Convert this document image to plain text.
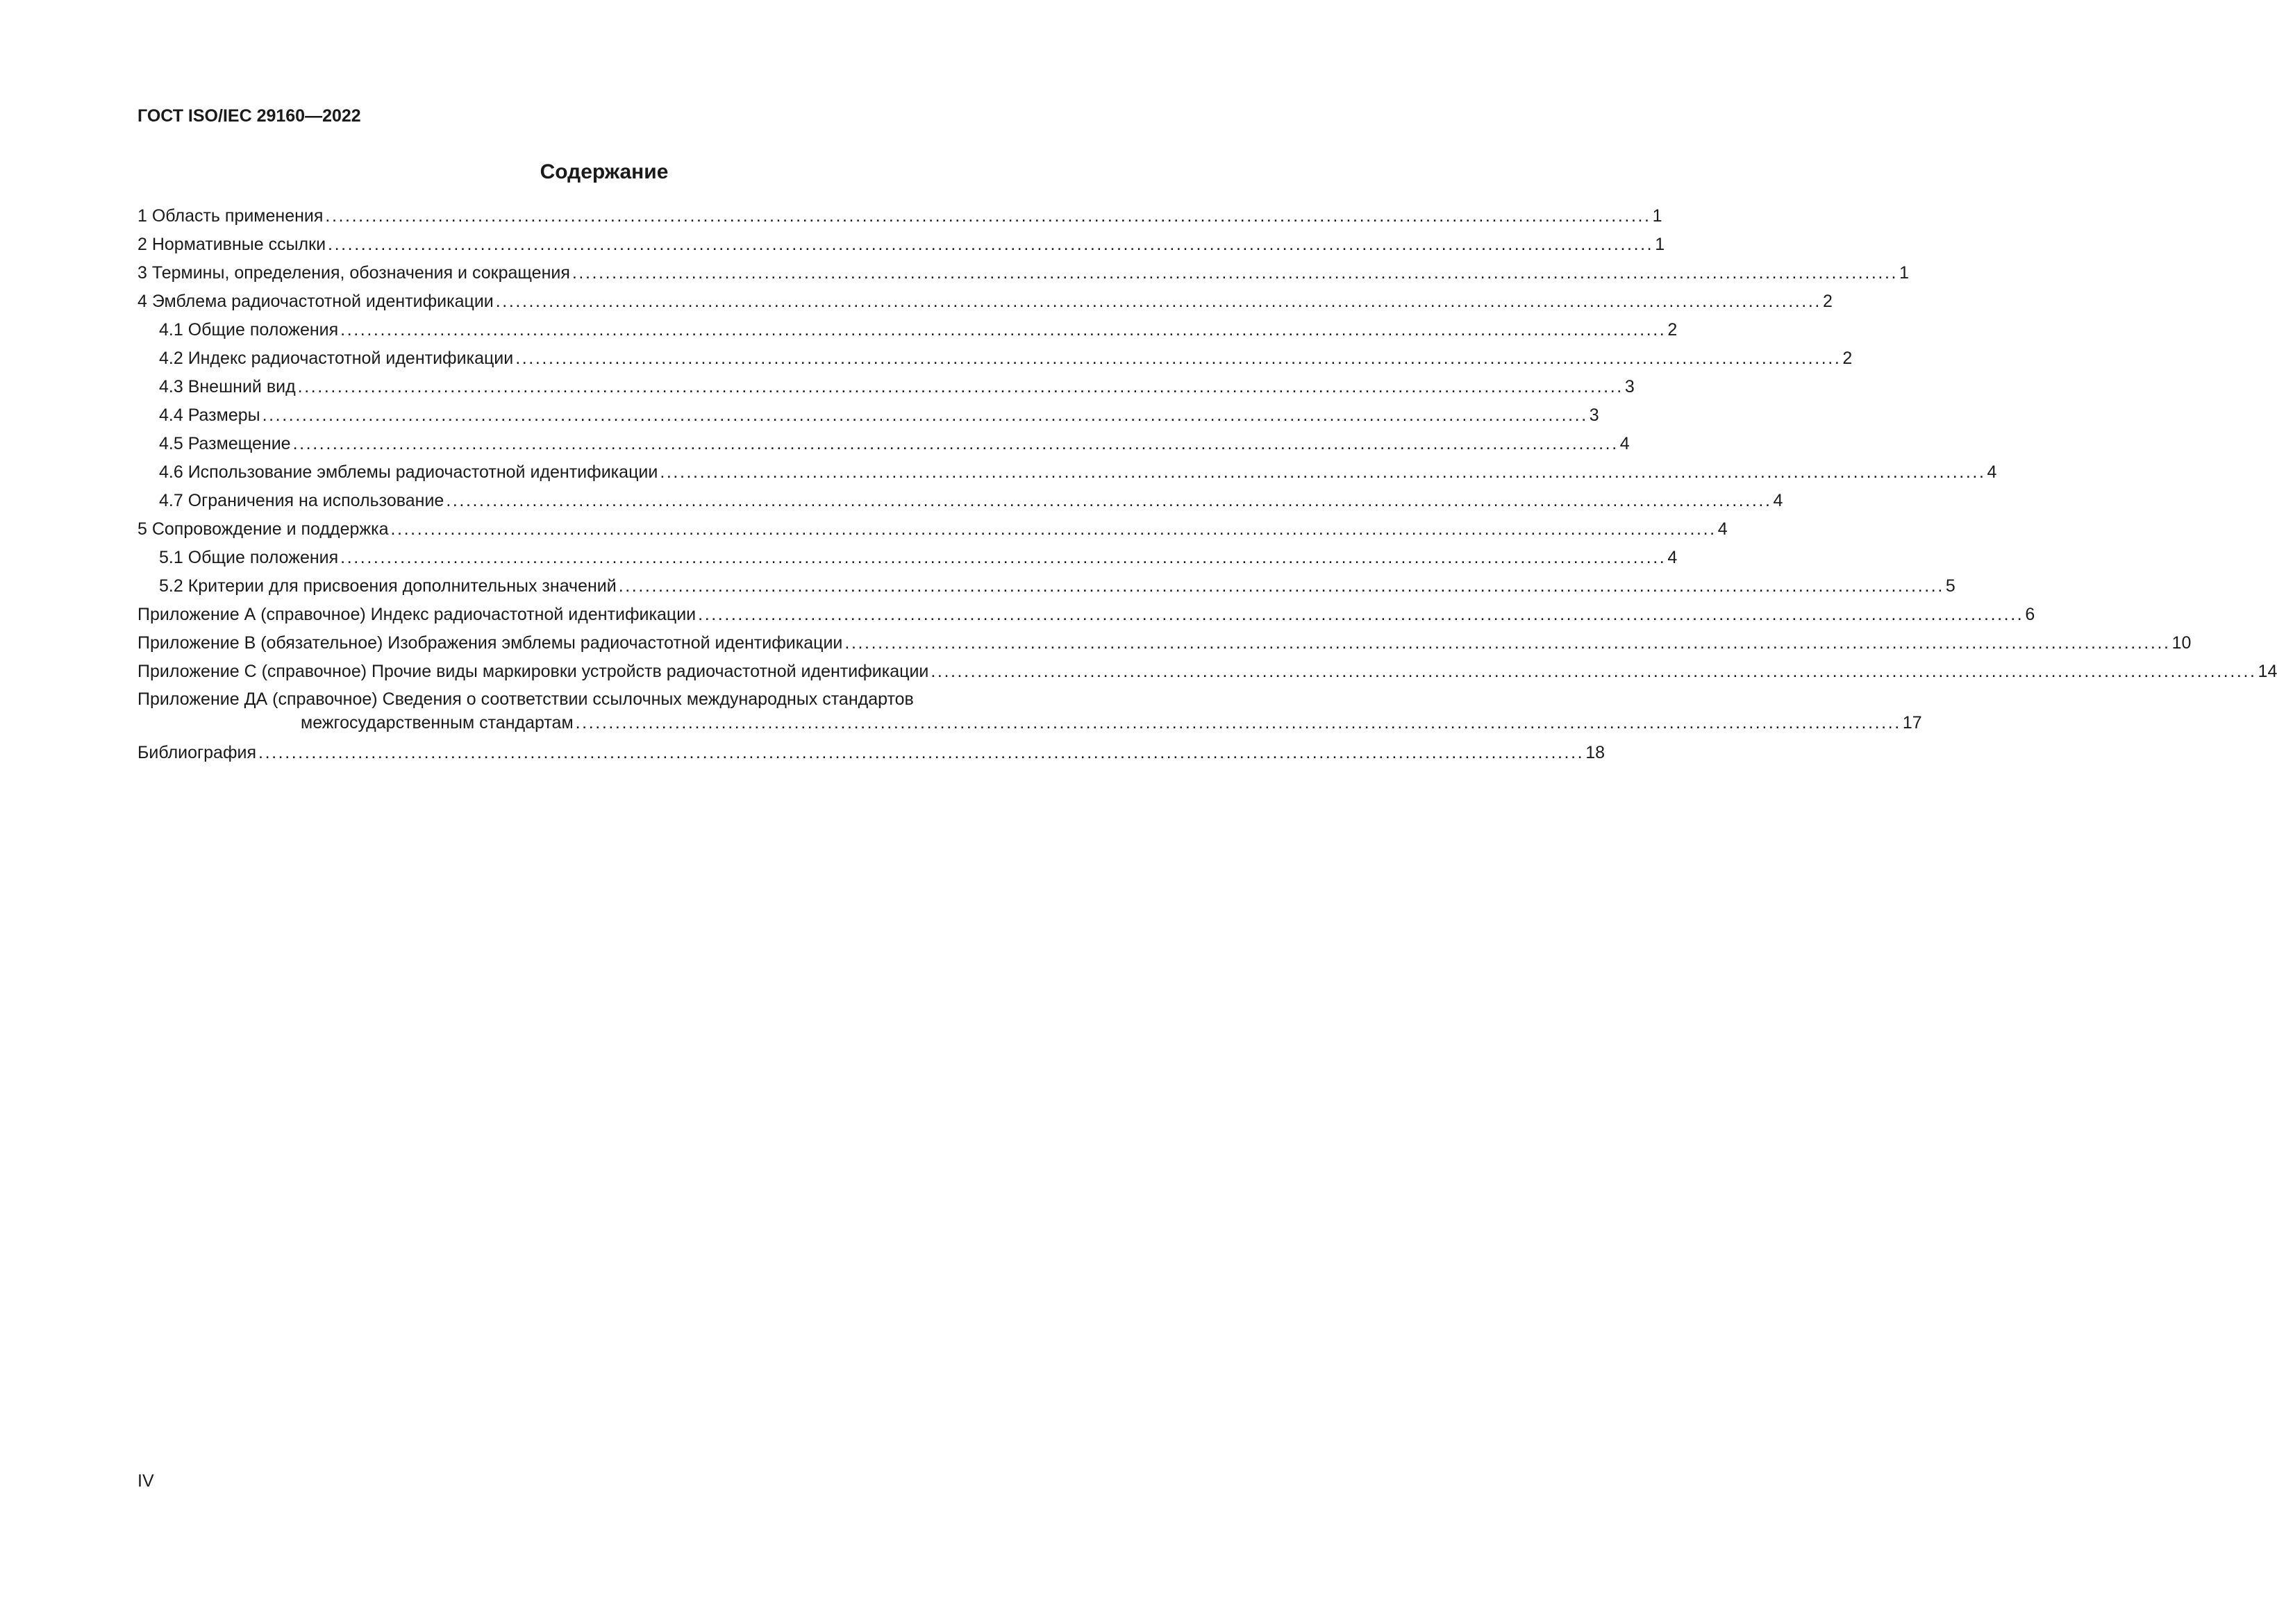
ГОСТ ISO/IEC 29160—2022
Содержание
1 Область применения ........................................................................................................................................................................................................ 1
2 Нормативные ссылки ........................................................................................................................................................................................................ 1
3 Термины, определения, обозначения и сокращения ........................................................................................................................................................................................................ 1
4 Эмблема радиочастотной идентификации ........................................................................................................................................................................................................ 2
4.1 Общие положения ........................................................................................................................................................................................................ 2
4.2 Индекс радиочастотной идентификации ........................................................................................................................................................................................................ 2
4.3 Внешний вид ........................................................................................................................................................................................................ 3
4.4 Размеры ........................................................................................................................................................................................................ 3
4.5 Размещение ........................................................................................................................................................................................................ 4
4.6 Использование эмблемы радиочастотной идентификации ........................................................................................................................................................................................................ 4
4.7 Ограничения на использование ........................................................................................................................................................................................................ 4
5 Сопровождение и поддержка ........................................................................................................................................................................................................ 4
5.1 Общие положения ........................................................................................................................................................................................................ 4
5.2 Критерии для присвоения дополнительных значений ........................................................................................................................................................................................................ 5
Приложение А (справочное) Индекс радиочастотной идентификации ........................................................................................................................................................................................................ 6
Приложение В (обязательное) Изображения эмблемы радиочастотной идентификации ........................................................................................................................................................................................................ 10
Приложение С (справочное) Прочие виды маркировки устройств радиочастотной идентификации ........................................................................................................................................................................................................ 14
Приложение ДА (справочное) Сведения о соответствии ссылочных международных стандартов
межгосударственным стандартам ........................................................................................................................................................................................................ 17
Библиография ........................................................................................................................................................................................................ 18
IV
